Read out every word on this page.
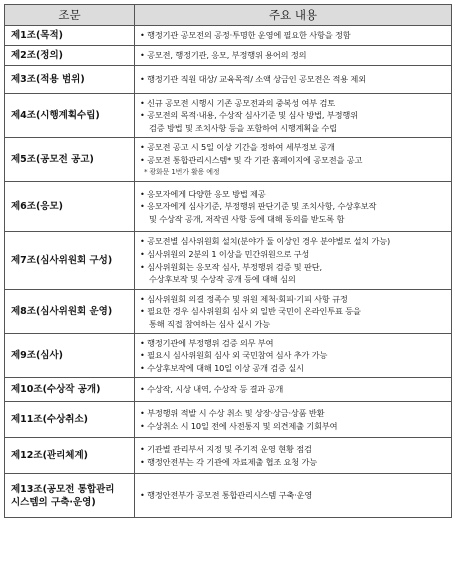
조문	주요 내용

제1조(목적)	• 행정기관 공모전의 공정·투명한 운영에 필요한 사항을 정함

제2조(정의)	• 공모전, 행정기관, 응모, 부정행위 용어의 정의

제3조(적용 범위)	• 행정기관 직원 대상/ 교육목적/ 소액 상금인 공모전은 적용 제외

제4조(시행계획수립)	• 신규 공모전 시행시 기존 공모전과의 중복성 여부 검토
• 공모전의 목적·내용, 수상작 심사기준 및 심사 방법, 부정행위
검증 방법 및 조치사항 등을 포함하여 시행계획을 수립

제5조(공모전 공고)	• 공모전 공고 시 5일 이상 기간을 정하여 세부정보 공개
• 공모전 통합관리시스템* 및 각 기관 홈페이지에 공모전을 공고
* 광화문 1번가 활용 예정

제6조(응모)	• 응모자에게 다양한 응모 방법 제공
• 응모자에게 심사기준, 부정행위 판단기준 및 조치사항, 수상후보작
및 수상작 공개, 저작권 사항 등에 대해 동의를 받도록 함

제7조(심사위원회 구성)	• 공모전별 심사위원회 설치(분야가 둘 이상인 경우 분야별로 설치 가능)
• 심사위원의 2분의 1 이상을 민간위원으로 구성
• 심사위원회는 응모작 심사, 부정행위 검증 및 판단,
수상후보작 및 수상작 공개 등에 대해 심의

제8조(심사위원회 운영)	• 심사위원회 의결 정족수 및 위원 제척·회피·기피 사항 규정
• 필요한 경우 심사위원회 심사 외 일반 국민이 온라인투표 등을
통해 직접 참여하는 심사 실시 가능

제9조(심사)	• 행정기관에 부정행위 검증 의무 부여
• 필요시 심사위원회 심사 외 국민참여 심사 추가 가능
• 수상후보작에 대해 10일 이상 공개 검증 실시

제10조(수상작 공개)	• 수상작, 시상 내역, 수상작 등 결과 공개

제11조(수상취소)	• 부정행위 적발 시 수상 취소 및 상장·상금·상품 반환
• 수상취소 시 10일 전에 사전통지 및 의견제출 기회부여

제12조(관리체계)	• 기관별 관리부서 지정 및 주기적 운영 현황 점검
• 행정안전부는 각 기관에 자료제출 협조 요청 가능

제13조(공모전 통합관리
시스템의 구축·운영)	• 행정안전부가 공모전 통합관리시스템 구축·운영
